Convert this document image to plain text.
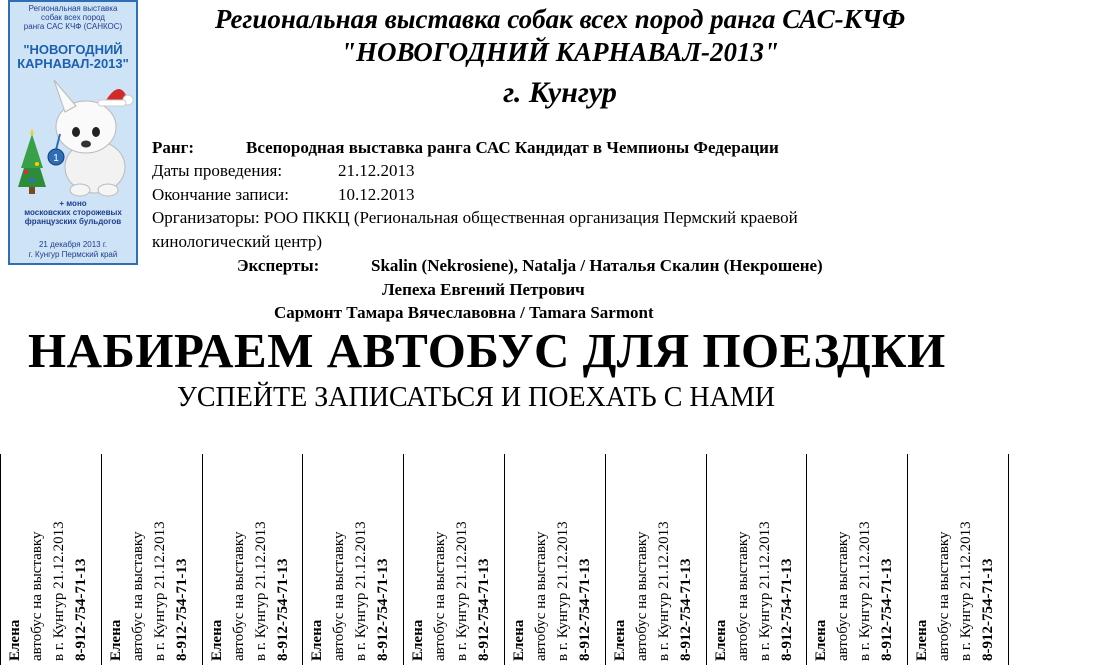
Региональная выставка
собак всех пород
ранга САС КЧФ (САНКОС)
"НОВОГОДНИЙ
КАРНАВАЛ-2013"
1
+ моно
московских сторожевых
французских бульдогов
21 декабря 2013 г.
г. Кунгур Пермский край
Региональная выставка собак всех пород ранга САС-КЧФ
"НОВОГОДНИЙ КАРНАВАЛ-2013"
г. Кунгур
Ранг:	Всепородная выставка ранга САС Кандидат в Чемпионы Федерации
Даты проведения:	21.12.2013
Окончание записи:	10.12.2013
Организаторы: РОО ПККЦ (Региональная общественная организация Пермский краевой
кинологический центр)
Эксперты:	Skalin (Nekrosiene), Natalja / Наталья Скалин (Некрошене)
Лепеха Евгений Петрович
Сармонт Тамара Вячеславовна / Tamara Sarmont
НАБИРАЕМ АВТОБУС ДЛЯ ПОЕЗДКИ
УСПЕЙТЕ ЗАПИСАТЬСЯ И ПОЕХАТЬ С НАМИ
Елена автобус на выставку в г. Кунгур 21.12.2013 8-912-754-71-13 Елена автобус на выставку в г. Кунгур 21.12.2013 8-912-754-71-13 Елена автобус на выставку в г. Кунгур 21.12.2013 8-912-754-71-13 Елена автобус на выставку в г. Кунгур 21.12.2013 8-912-754-71-13 Елена автобус на выставку в г. Кунгур 21.12.2013 8-912-754-71-13 Елена автобус на выставку в г. Кунгур 21.12.2013 8-912-754-71-13 Елена автобус на выставку в г. Кунгур 21.12.2013 8-912-754-71-13 Елена автобус на выставку в г. Кунгур 21.12.2013 8-912-754-71-13 Елена автобус на выставку в г. Кунгур 21.12.2013 8-912-754-71-13 Елена автобус на выставку в г. Кунгур 21.12.2013 8-912-754-71-13
